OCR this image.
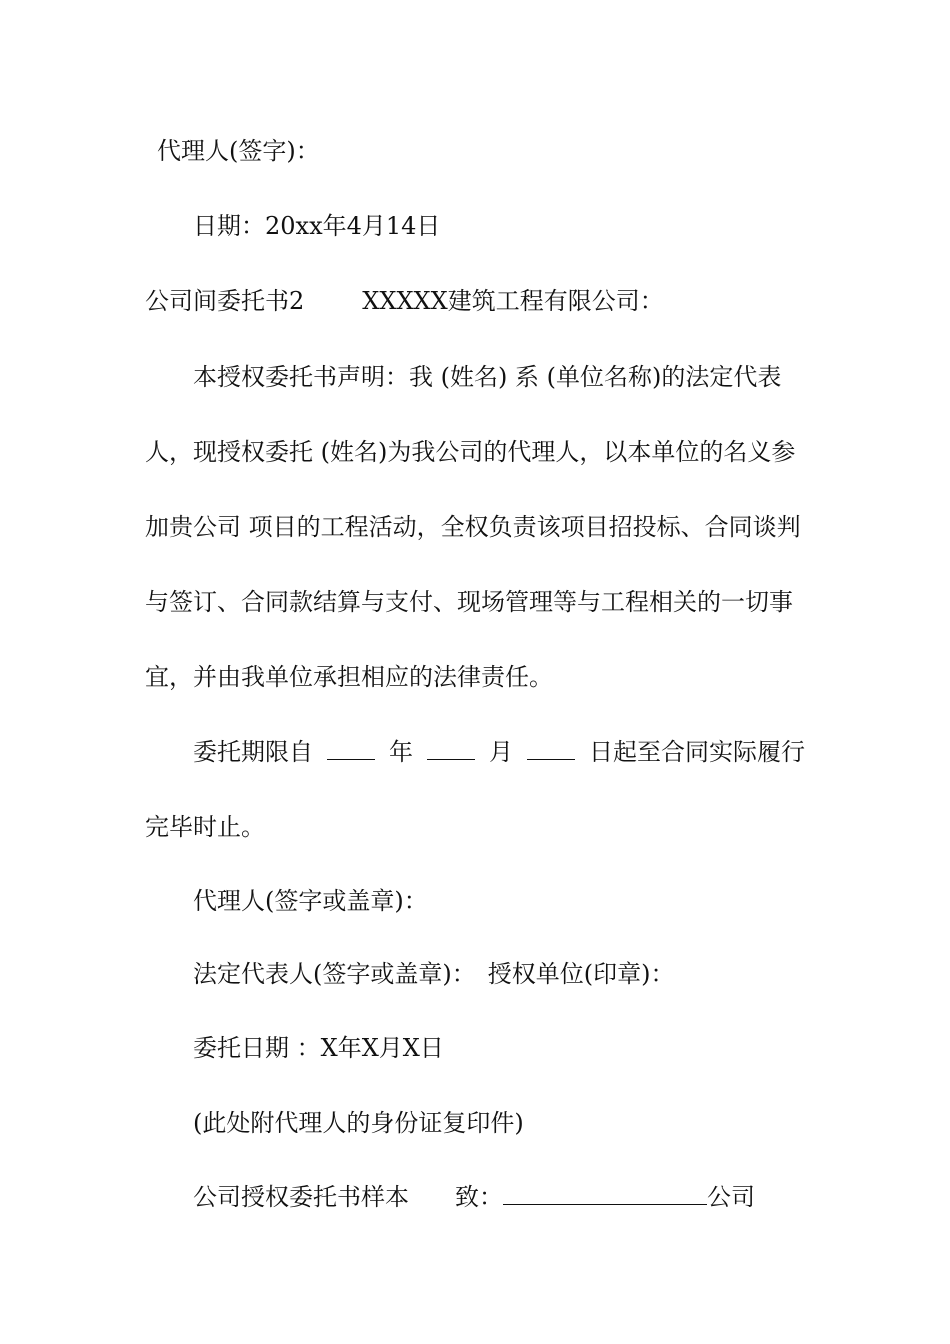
代理人(签字)：

日期：20xx年4月14日

公司间委托书2 XXXXX建筑工程有限公司：

本授权委托书声明：我 (姓名) 系 (单位名称)的法定代表

人，现授权委托 (姓名)为我公司的代理人，以本单位的名义参

加贵公司 项目的工程活动，全权负责该项目招投标、合同谈判

与签订、合同款结算与支付、现场管理等与工程相关的一切事

宜，并由我单位承担相应的法律责任。

委托期限自	年	月	日起至合同实际履行

完毕时止。

代理人(签字或盖章)：

法定代表人(签字或盖章)： 授权单位(印章)：

委托日期 ：X年X月X日

(此处附代理人的身份证复印件)

公司授权委托书样本 致：	公司
